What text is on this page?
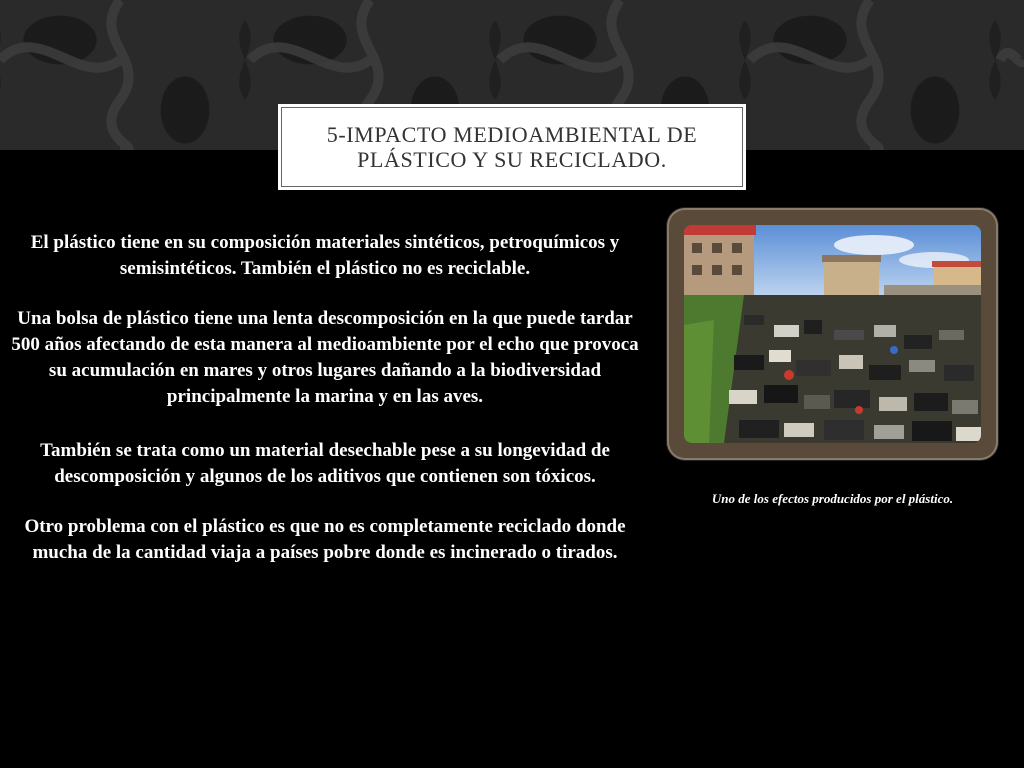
5-IMPACTO MEDIOAMBIENTAL DE PLÁSTICO Y SU RECICLADO.

El plástico tiene en su composición materiales sintéticos, petroquímicos y semisintéticos. También el plástico no es reciclable.

Una bolsa de plástico tiene una lenta descomposición en la que puede tardar 500 años afectando de esta manera al medioambiente por el echo que provoca su acumulación en mares y otros lugares dañando a la biodiversidad principalmente la marina y en las aves.

También se trata como un material desechable pese a su longevidad de descomposición y algunos de los aditivos que contienen son tóxicos.

Otro problema con el plástico es que no es completamente reciclado donde mucha de la cantidad viaja a países pobre donde es incinerado o tirados.

Uno de los efectos producidos por el plástico.
